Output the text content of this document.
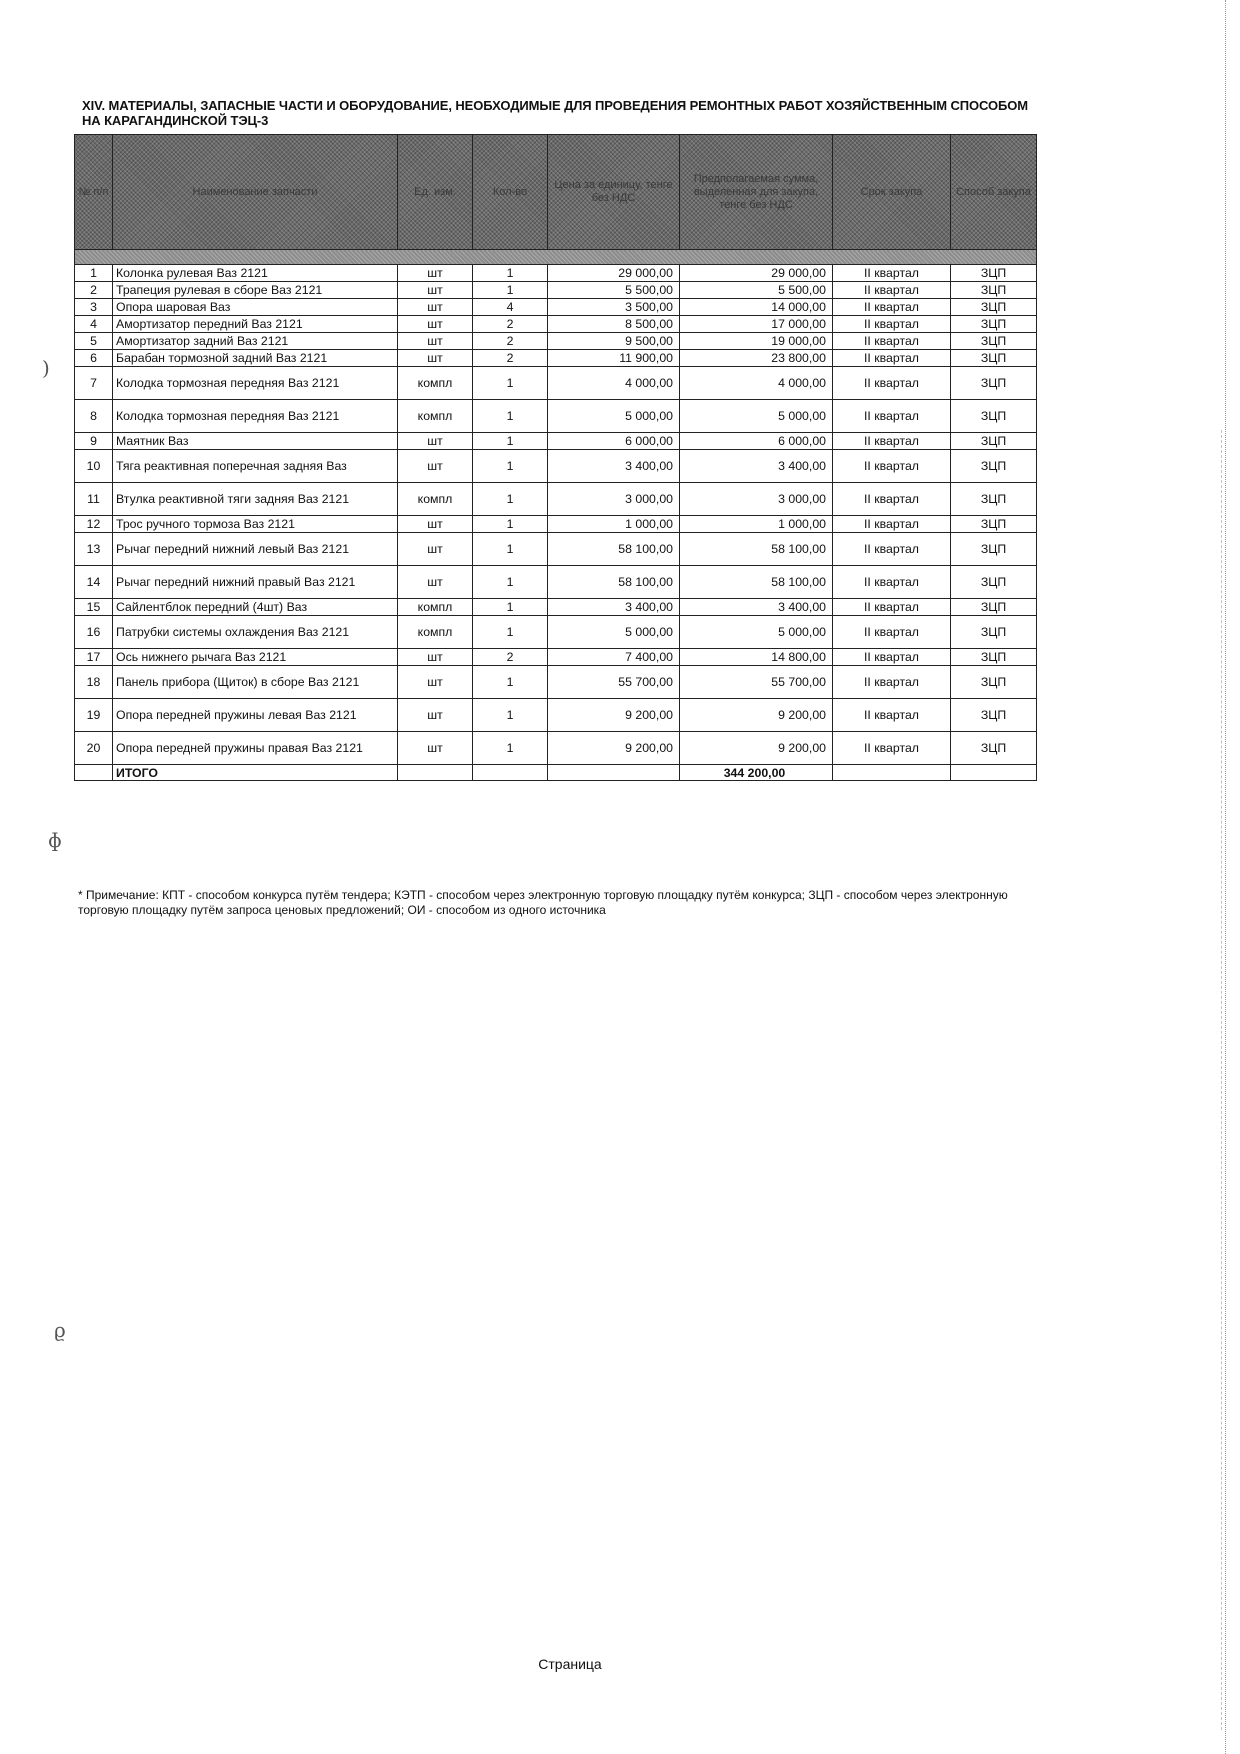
)
ɸ
ϱ
XIV. МАТЕРИАЛЫ, ЗАПАСНЫЕ ЧАСТИ И ОБОРУДОВАНИЕ, НЕОБХОДИМЫЕ ДЛЯ ПРОВЕДЕНИЯ РЕМОНТНЫХ РАБОТ ХОЗЯЙСТВЕННЫМ СПОСОБОМ НА КАРАГАНДИНСКОЙ ТЭЦ-3
№ п/п	Наименование запчасти	Ед. изм.	Кол-во	Цена за единицу, тенге без НДС	Предполагаемая сумма, выделенная для закупа, тенге без НДС	Срок закупа	Способ закупа

1	Колонка рулевая Ваз 2121	шт	1	29 000,00	29 000,00	II квартал	ЗЦП
2	Трапеция рулевая в сборе Ваз 2121	шт	1	5 500,00	5 500,00	II квартал	ЗЦП
3	Опора шаровая Ваз	шт	4	3 500,00	14 000,00	II квартал	ЗЦП
4	Амортизатор передний Ваз 2121	шт	2	8 500,00	17 000,00	II квартал	ЗЦП
5	Амортизатор задний Ваз 2121	шт	2	9 500,00	19 000,00	II квартал	ЗЦП
6	Барабан тормозной задний Ваз 2121	шт	2	11 900,00	23 800,00	II квартал	ЗЦП
7	Колодка тормозная передняя Ваз 2121	компл	1	4 000,00	4 000,00	II квартал	ЗЦП
8	Колодка тормозная передняя Ваз 2121	компл	1	5 000,00	5 000,00	II квартал	ЗЦП
9	Маятник Ваз	шт	1	6 000,00	6 000,00	II квартал	ЗЦП
10	Тяга реактивная поперечная задняя Ваз	шт	1	3 400,00	3 400,00	II квартал	ЗЦП
11	Втулка реактивной тяги задняя Ваз 2121	компл	1	3 000,00	3 000,00	II квартал	ЗЦП
12	Трос ручного тормоза Ваз 2121	шт	1	1 000,00	1 000,00	II квартал	ЗЦП
13	Рычаг передний нижний левый Ваз 2121	шт	1	58 100,00	58 100,00	II квартал	ЗЦП
14	Рычаг передний нижний правый Ваз 2121	шт	1	58 100,00	58 100,00	II квартал	ЗЦП
15	Сайлентблок передний (4шт) Ваз	компл	1	3 400,00	3 400,00	II квартал	ЗЦП
16	Патрубки системы охлаждения Ваз 2121	компл	1	5 000,00	5 000,00	II квартал	ЗЦП
17	Ось нижнего рычага Ваз 2121	шт	2	7 400,00	14 800,00	II квартал	ЗЦП
18	Панель прибора (Щиток) в сборе Ваз 2121	шт	1	55 700,00	55 700,00	II квартал	ЗЦП
19	Опора передней пружины левая Ваз 2121	шт	1	9 200,00	9 200,00	II квартал	ЗЦП
20	Опора передней пружины правая Ваз 2121	шт	1	9 200,00	9 200,00	II квартал	ЗЦП
	ИТОГО				344 200,00		
* Примечание: КПТ - способом конкурса путём тендера; КЭТП - способом через электронную торговую площадку путём конкурса; ЗЦП - способом через электронную торговую площадку путём запроса ценовых предложений; ОИ - способом из одного источника
Страница
